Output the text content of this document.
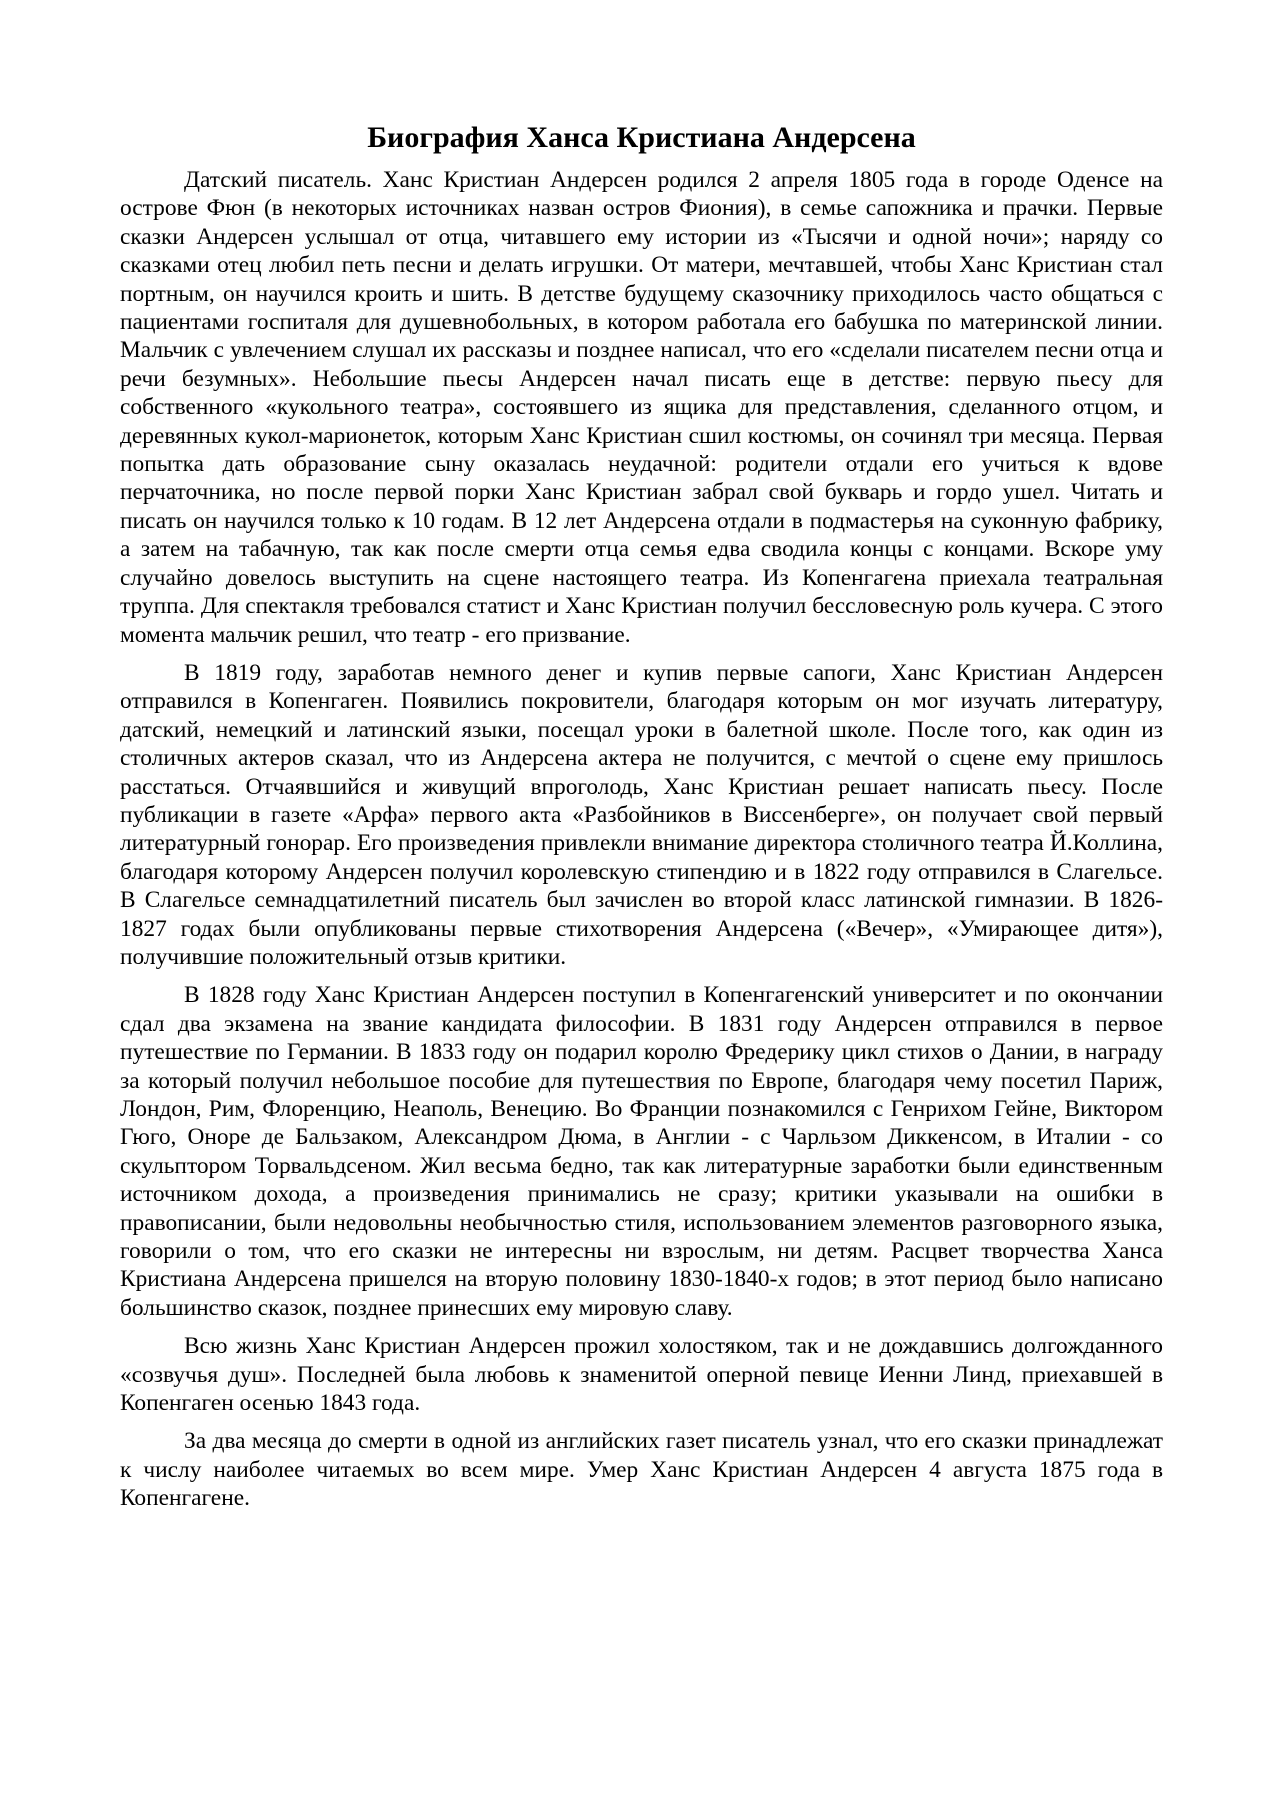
Биография Ханса Кристиана Андерсена

Датский писатель. Ханс Кристиан Андерсен родился 2 апреля 1805 года в городе Оденсе на острове Фюн (в некоторых источниках назван остров Фиония), в семье сапожника и прачки. Первые сказки Андерсен услышал от отца, читавшего ему истории из «Тысячи и одной ночи»; наряду со сказками отец любил петь песни и делать игрушки. От матери, мечтавшей, чтобы Ханс Кристиан стал портным, он научился кроить и шить. В детстве будущему сказочнику приходилось часто общаться с пациентами госпиталя для душевнобольных, в котором работала его бабушка по материнской линии. Мальчик с увлечением слушал их рассказы и позднее написал, что его «сделали писателем песни отца и речи безумных». Небольшие пьесы Андерсен начал писать еще в детстве: первую пьесу для собственного «кукольного театра», состоявшего из ящика для представления, сделанного отцом, и деревянных кукол-марионеток, которым Ханс Кристиан сшил костюмы, он сочинял три месяца. Первая попытка дать образование сыну оказалась неудачной: родители отдали его учиться к вдове перчаточника, но после первой порки Ханс Кристиан забрал свой букварь и гордо ушел. Читать и писать он научился только к 10 годам. В 12 лет Андерсена отдали в подмастерья на суконную фабрику, а затем на табачную, так как после смерти отца семья едва сводила концы с концами. Вскоре уму случайно довелось выступить на сцене настоящего театра. Из Копенгагена приехала театральная труппа. Для спектакля требовался статист и Ханс Кристиан получил бессловесную роль кучера. С этого момента мальчик решил, что театр - его призвание.

В 1819 году, заработав немного денег и купив первые сапоги, Ханс Кристиан Андерсен отправился в Копенгаген. Появились покровители, благодаря которым он мог изучать литературу, датский, немецкий и латинский языки, посещал уроки в балетной школе. После того, как один из столичных актеров сказал, что из Андерсена актера не получится, с мечтой о сцене ему пришлось расстаться. Отчаявшийся и живущий впроголодь, Ханс Кристиан решает написать пьесу. После публикации в газете «Арфа» первого акта «Разбойников в Виссенберге», он получает свой первый литературный гонорар. Его произведения привлекли внимание директора столичного театра Й.Коллина, благодаря которому Андерсен получил королевскую стипендию и в 1822 году отправился в Слагельсе. В Слагельсе семнадцатилетний писатель был зачислен во второй класс латинской гимназии. В 1826-1827 годах были опубликованы первые стихотворения Андерсена («Вечер», «Умирающее дитя»), получившие положительный отзыв критики.

В 1828 году Ханс Кристиан Андерсен поступил в Копенгагенский университет и по окончании сдал два экзамена на звание кандидата философии. В 1831 году Андерсен отправился в первое путешествие по Германии. В 1833 году он подарил королю Фредерику цикл стихов о Дании, в награду за который получил небольшое пособие для путешествия по Европе, благодаря чему посетил Париж, Лондон, Рим, Флоренцию, Неаполь, Венецию. Во Франции познакомился с Генрихом Гейне, Виктором Гюго, Оноре де Бальзаком, Александром Дюма, в Англии - с Чарльзом Диккенсом, в Италии - со скульптором Торвальдсеном. Жил весьма бедно, так как литературные заработки были единственным источником дохода, а произведения принимались не сразу; критики указывали на ошибки в правописании, были недовольны необычностью стиля, использованием элементов разговорного языка, говорили о том, что его сказки не интересны ни взрослым, ни детям. Расцвет творчества Ханса Кристиана Андерсена пришелся на вторую половину 1830-1840-х годов; в этот период было написано большинство сказок, позднее принесших ему мировую славу.

Всю жизнь Ханс Кристиан Андерсен прожил холостяком, так и не дождавшись долгожданного «созвучья душ». Последней была любовь к знаменитой оперной певице Иенни Линд, приехавшей в Копенгаген осенью 1843 года.

За два месяца до смерти в одной из английских газет писатель узнал, что его сказки принадлежат к числу наиболее читаемых во всем мире. Умер Ханс Кристиан Андерсен 4 августа 1875 года в Копенгагене.
